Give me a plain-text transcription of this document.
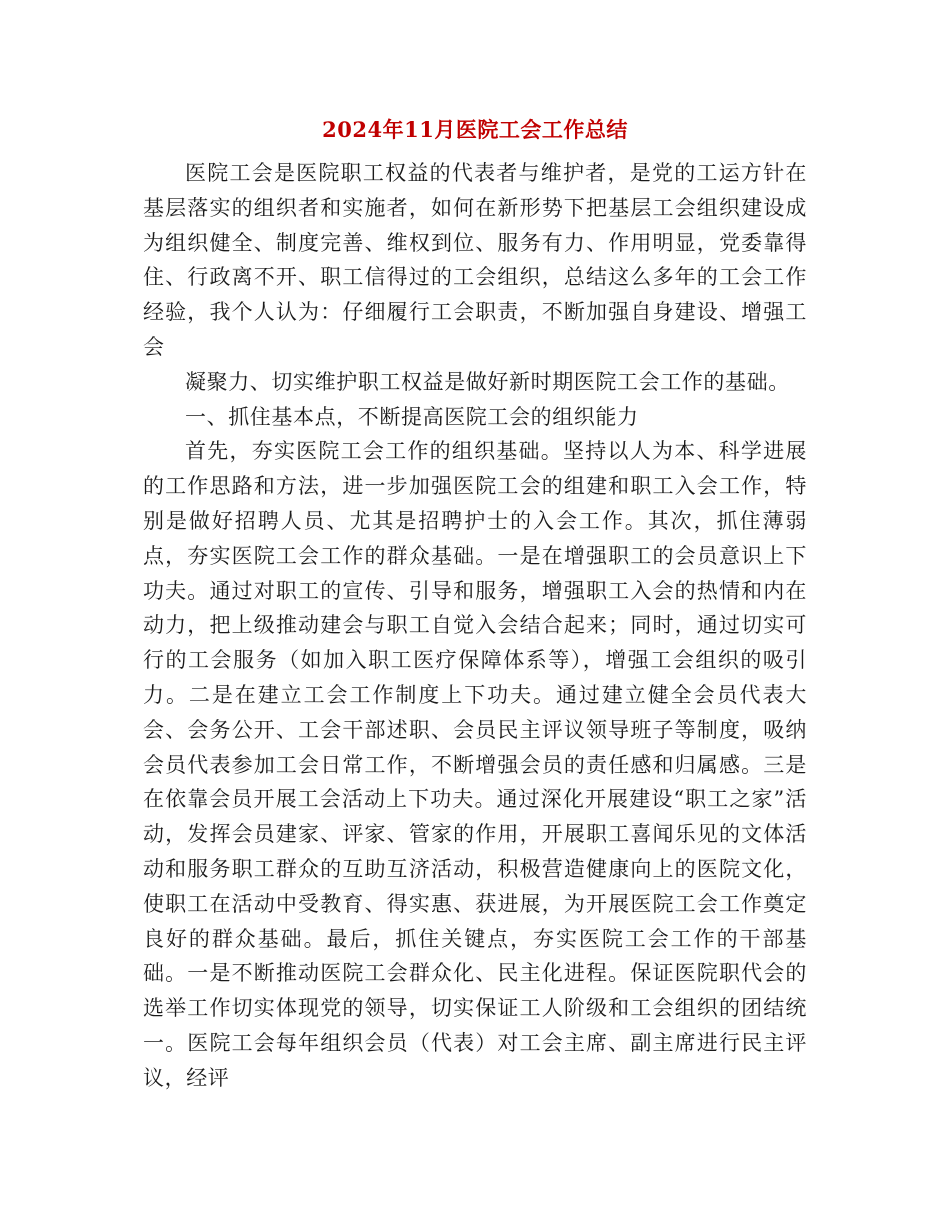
2024年11月医院工会工作总结

医院工会是医院职工权益的代表者与维护者，是党的工运方针在基层落实的组织者和实施者，如何在新形势下把基层工会组织建设成为组织健全、制度完善、维权到位、服务有力、作用明显，党委靠得住、行政离不开、职工信得过的工会组织，总结这么多年的工会工作经验，我个人认为：仔细履行工会职责，不断加强自身建设、增强工会

凝聚力、切实维护职工权益是做好新时期医院工会工作的基础。

一、抓住基本点，不断提高医院工会的组织能力

首先，夯实医院工会工作的组织基础。坚持以人为本、科学进展的工作思路和方法，进一步加强医院工会的组建和职工入会工作，特别是做好招聘人员、尤其是招聘护士的入会工作。其次，抓住薄弱点，夯实医院工会工作的群众基础。一是在增强职工的会员意识上下功夫。通过对职工的宣传、引导和服务，增强职工入会的热情和内在动力，把上级推动建会与职工自觉入会结合起来；同时，通过切实可行的工会服务（如加入职工医疗保障体系等），增强工会组织的吸引力。二是在建立工会工作制度上下功夫。通过建立健全会员代表大会、会务公开、工会干部述职、会员民主评议领导班子等制度，吸纳会员代表参加工会日常工作，不断增强会员的责任感和归属感。三是在依靠会员开展工会活动上下功夫。通过深化开展建设“职工之家”活动，发挥会员建家、评家、管家的作用，开展职工喜闻乐见的文体活动和服务职工群众的互助互济活动，积极营造健康向上的医院文化，使职工在活动中受教育、得实惠、获进展，为开展医院工会工作奠定良好的群众基础。最后，抓住关键点，夯实医院工会工作的干部基础。一是不断推动医院工会群众化、民主化进程。保证医院职代会的选举工作切实体现党的领导，切实保证工人阶级和工会组织的团结统一。医院工会每年组织会员（代表）对工会主席、副主席进行民主评议，经评
